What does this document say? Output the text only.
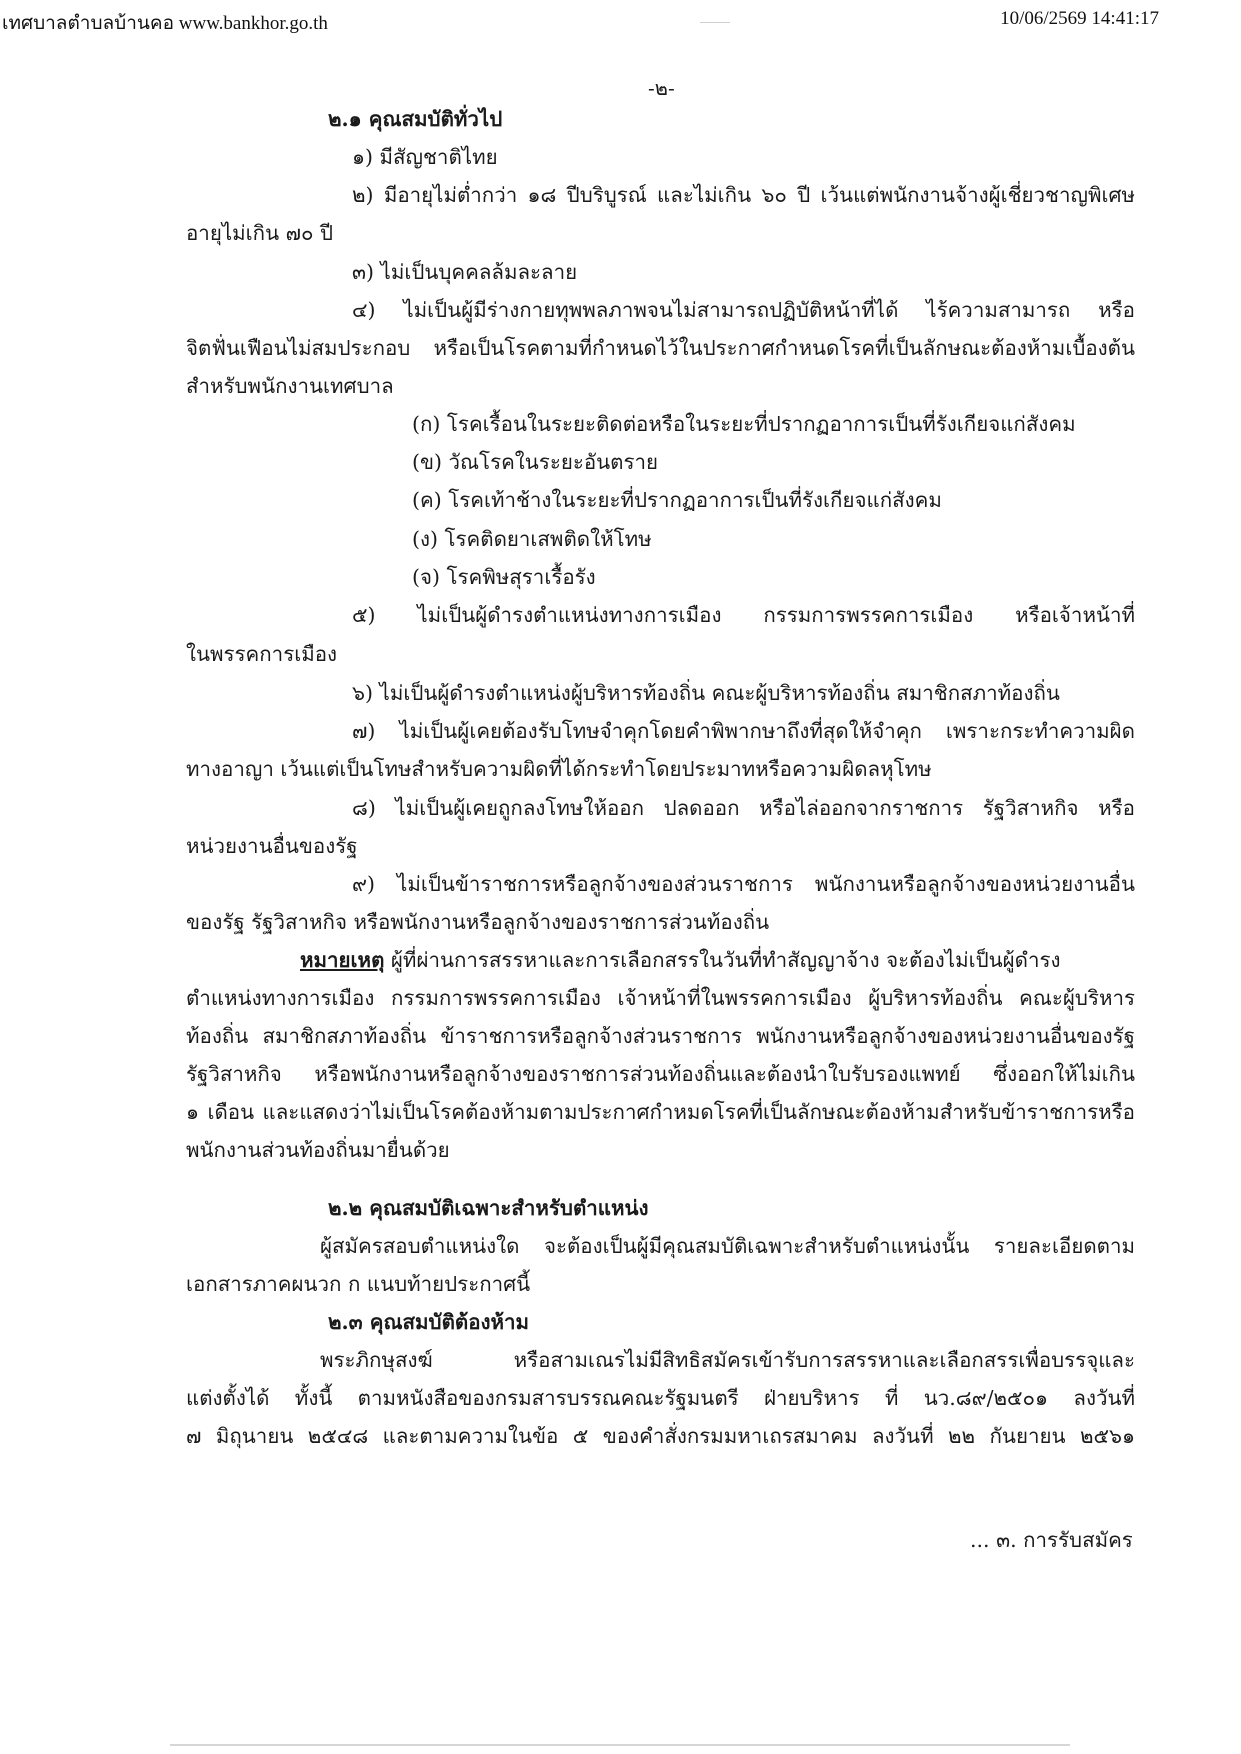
เทศบาลตำบลบ้านคอ www.bankhor.go.th	10/06/2569 14:41:17
-๒-
๒.๑ คุณสมบัติทั่วไป
๑) มีสัญชาติไทย
๒) มีอายุไม่ต่ำกว่า ๑๘ ปีบริบูรณ์ และไม่เกิน ๖๐ ปี เว้นแต่พนักงานจ้างผู้เชี่ยวชาญพิเศษ
อายุไม่เกิน ๗๐ ปี
๓) ไม่เป็นบุคคลล้มละลาย
๔) ไม่เป็นผู้มีร่างกายทุพพลภาพจนไม่สามารถปฏิบัติหน้าที่ได้ ไร้ความสามารถ หรือ
จิตฟั่นเฟือนไม่สมประกอบ หรือเป็นโรคตามที่กำหนดไว้ในประกาศกำหนดโรคที่เป็นลักษณะต้องห้ามเบื้องต้น
สำหรับพนักงานเทศบาล
(ก) โรคเรื้อนในระยะติดต่อหรือในระยะที่ปรากฏอาการเป็นที่รังเกียจแก่สังคม
(ข) วัณโรคในระยะอันตราย
(ค) โรคเท้าช้างในระยะที่ปรากฏอาการเป็นที่รังเกียจแก่สังคม
(ง) โรคติดยาเสพติดให้โทษ
(จ) โรคพิษสุราเรื้อรัง
๕) ไม่เป็นผู้ดำรงตำแหน่งทางการเมือง กรรมการพรรคการเมือง หรือเจ้าหน้าที่
ในพรรคการเมือง
๖) ไม่เป็นผู้ดำรงตำแหน่งผู้บริหารท้องถิ่น คณะผู้บริหารท้องถิ่น สมาชิกสภาท้องถิ่น
๗) ไม่เป็นผู้เคยต้องรับโทษจำคุกโดยคำพิพากษาถึงที่สุดให้จำคุก เพราะกระทำความผิด
ทางอาญา เว้นแต่เป็นโทษสำหรับความผิดที่ได้กระทำโดยประมาทหรือความผิดลหุโทษ
๘) ไม่เป็นผู้เคยถูกลงโทษให้ออก ปลดออก หรือไล่ออกจากราชการ รัฐวิสาหกิจ หรือ
หน่วยงานอื่นของรัฐ
๙) ไม่เป็นข้าราชการหรือลูกจ้างของส่วนราชการ พนักงานหรือลูกจ้างของหน่วยงานอื่น
ของรัฐ รัฐวิสาหกิจ หรือพนักงานหรือลูกจ้างของราชการส่วนท้องถิ่น
หมายเหตุ ผู้ที่ผ่านการสรรหาและการเลือกสรรในวันที่ทำสัญญาจ้าง จะต้องไม่เป็นผู้ดำรง
ตำแหน่งทางการเมือง กรรมการพรรคการเมือง เจ้าหน้าที่ในพรรคการเมือง ผู้บริหารท้องถิ่น คณะผู้บริหาร
ท้องถิ่น สมาชิกสภาท้องถิ่น ข้าราชการหรือลูกจ้างส่วนราชการ พนักงานหรือลูกจ้างของหน่วยงานอื่นของรัฐ
รัฐวิสาหกิจ หรือพนักงานหรือลูกจ้างของราชการส่วนท้องถิ่นและต้องนำใบรับรองแพทย์ ซึ่งออกให้ไม่เกิน
๑ เดือน และแสดงว่าไม่เป็นโรคต้องห้ามตามประกาศกำหมดโรคที่เป็นลักษณะต้องห้ามสำหรับข้าราชการหรือ
พนักงานส่วนท้องถิ่นมายื่นด้วย
๒.๒ คุณสมบัติเฉพาะสำหรับตำแหน่ง
ผู้สมัครสอบตำแหน่งใด จะต้องเป็นผู้มีคุณสมบัติเฉพาะสำหรับตำแหน่งนั้น รายละเอียดตาม
เอกสารภาคผนวก ก แนบท้ายประกาศนี้
๒.๓ คุณสมบัติต้องห้าม
พระภิกษุสงฆ์ หรือสามเณรไม่มีสิทธิสมัครเข้ารับการสรรหาและเลือกสรรเพื่อบรรจุและ
แต่งตั้งได้ ทั้งนี้ ตามหนังสือของกรมสารบรรณคณะรัฐมนตรี ฝ่ายบริหาร ที่ นว.๘๙/๒๕๐๑ ลงวันที่
๗ มิถุนายน ๒๕๔๘ และตามความในข้อ ๕ ของคำสั่งกรมมหาเถรสมาคม ลงวันที่ ๒๒ กันยายน ๒๕๖๑
... ๓. การรับสมัคร
